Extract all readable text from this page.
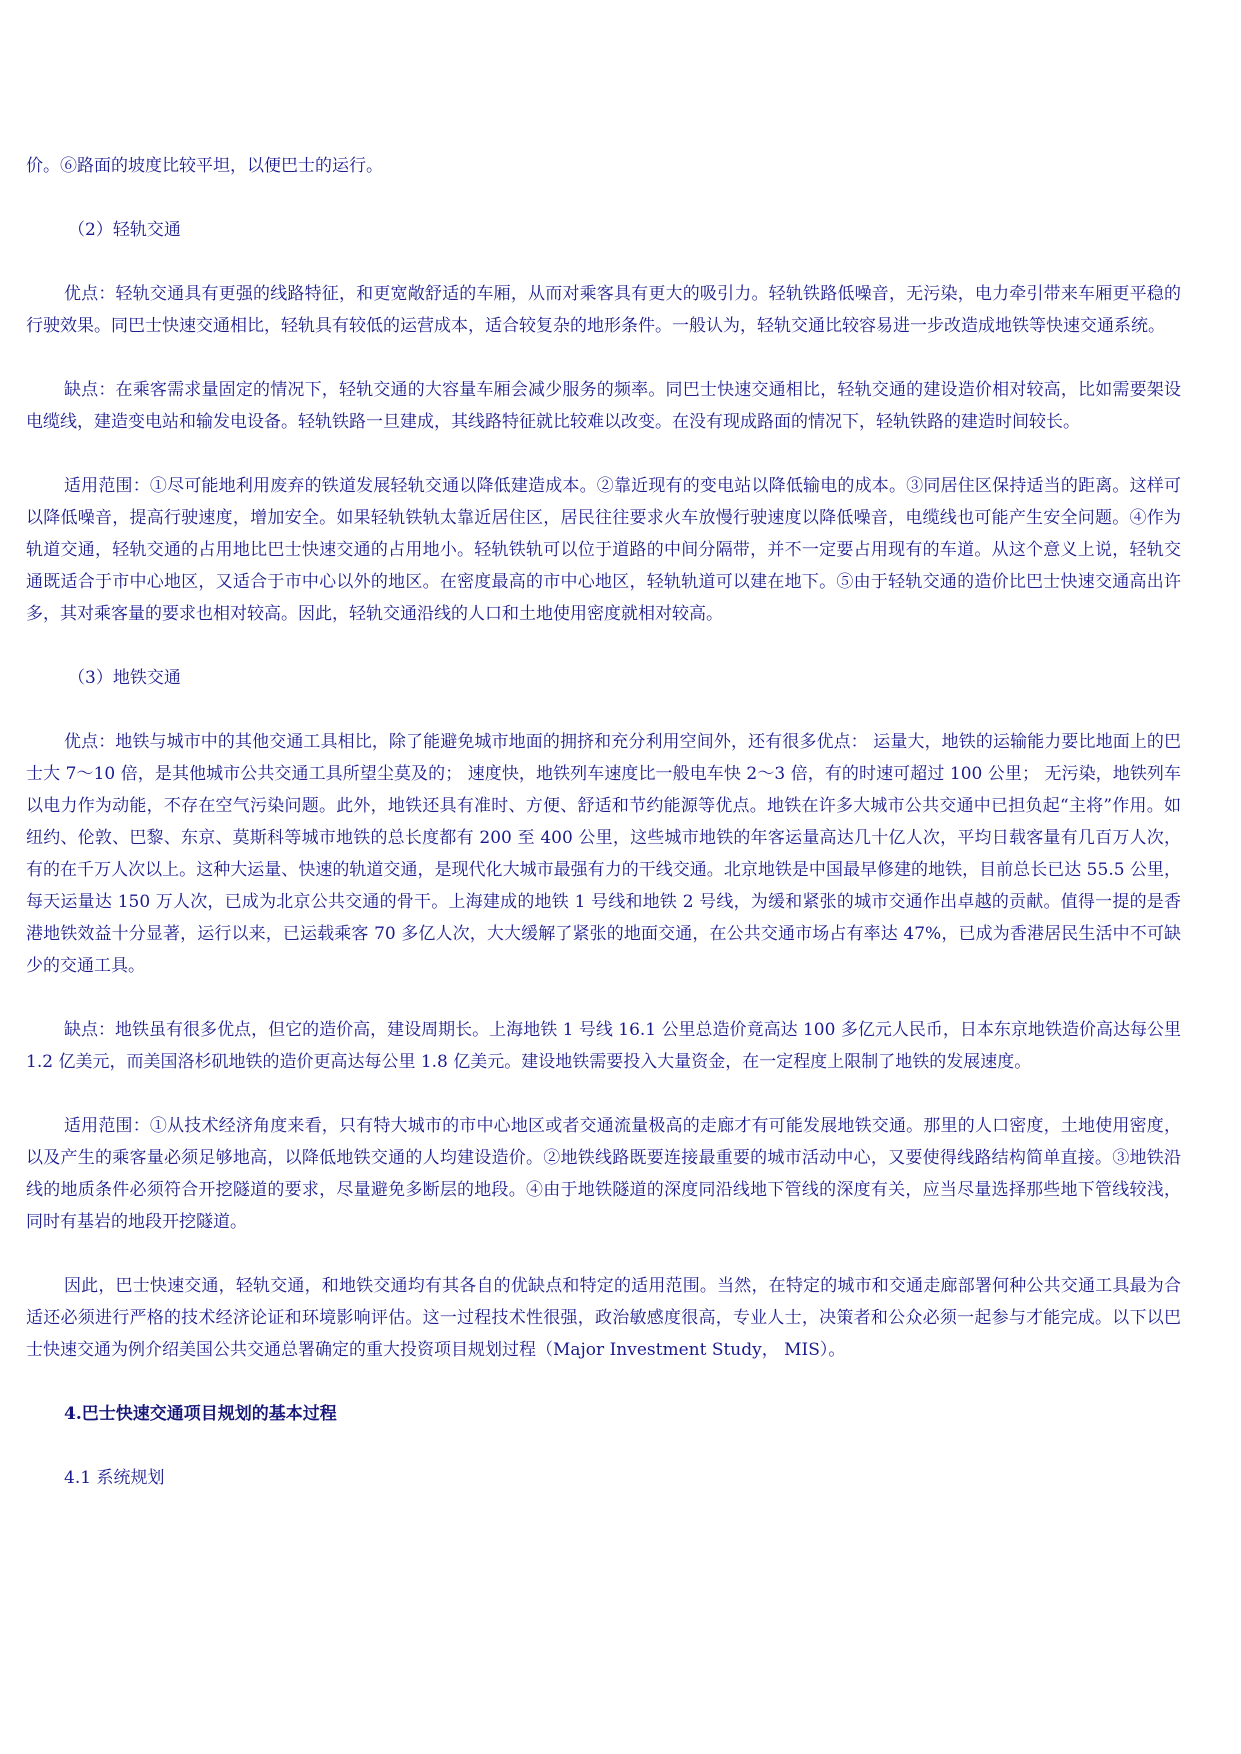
价。⑥路面的坡度比较平坦，以便巴士的运行。

（2）轻轨交通

优点：轻轨交通具有更强的线路特征，和更宽敞舒适的车厢，从而对乘客具有更大的吸引力。轻轨铁路低噪音，无污染，电力牵引带来车厢更平稳的行驶效果。同巴士快速交通相比，轻轨具有较低的运营成本，适合较复杂的地形条件。一般认为，轻轨交通比较容易进一步改造成地铁等快速交通系统。

缺点：在乘客需求量固定的情况下，轻轨交通的大容量车厢会减少服务的频率。同巴士快速交通相比，轻轨交通的建设造价相对较高，比如需要架设电缆线，建造变电站和输发电设备。轻轨铁路一旦建成，其线路特征就比较难以改变。在没有现成路面的情况下，轻轨铁路的建造时间较长。

适用范围：①尽可能地利用废弃的铁道发展轻轨交通以降低建造成本。②靠近现有的变电站以降低输电的成本。③同居住区保持适当的距离。这样可以降低噪音，提高行驶速度，增加安全。如果轻轨铁轨太靠近居住区，居民往往要求火车放慢行驶速度以降低噪音，电缆线也可能产生安全问题。④作为轨道交通，轻轨交通的占用地比巴士快速交通的占用地小。轻轨铁轨可以位于道路的中间分隔带，并不一定要占用现有的车道。从这个意义上说，轻轨交通既适合于市中心地区，又适合于市中心以外的地区。在密度最高的市中心地区，轻轨轨道可以建在地下。⑤由于轻轨交通的造价比巴士快速交通高出许多，其对乘客量的要求也相对较高。因此，轻轨交通沿线的人口和土地使用密度就相对较高。

（3）地铁交通

优点：地铁与城市中的其他交通工具相比，除了能避免城市地面的拥挤和充分利用空间外，还有很多优点： 运量大，地铁的运输能力要比地面上的巴士大 7～10 倍，是其他城市公共交通工具所望尘莫及的； 速度快，地铁列车速度比一般电车快 2～3 倍，有的时速可超过 100 公里； 无污染，地铁列车以电力作为动能，不存在空气污染问题。此外，地铁还具有准时、方便、舒适和节约能源等优点。地铁在许多大城市公共交通中已担负起“主将”作用。如纽约、伦敦、巴黎、东京、莫斯科等城市地铁的总长度都有 200 至 400 公里，这些城市地铁的年客运量高达几十亿人次，平均日载客量有几百万人次，有的在千万人次以上。这种大运量、快速的轨道交通，是现代化大城市最强有力的干线交通。北京地铁是中国最早修建的地铁，目前总长已达 55.5 公里，每天运量达 150 万人次，已成为北京公共交通的骨干。上海建成的地铁 1 号线和地铁 2 号线，为缓和紧张的城市交通作出卓越的贡献。值得一提的是香港地铁效益十分显著，运行以来，已运载乘客 70 多亿人次，大大缓解了紧张的地面交通，在公共交通市场占有率达 47%，已成为香港居民生活中不可缺少的交通工具。

缺点：地铁虽有很多优点，但它的造价高，建设周期长。上海地铁 1 号线 16.1 公里总造价竟高达 100 多亿元人民币，日本东京地铁造价高达每公里 1.2 亿美元，而美国洛杉矶地铁的造价更高达每公里 1.8 亿美元。建设地铁需要投入大量资金，在一定程度上限制了地铁的发展速度。

适用范围：①从技术经济角度来看，只有特大城市的市中心地区或者交通流量极高的走廊才有可能发展地铁交通。那里的人口密度，土地使用密度，以及产生的乘客量必须足够地高，以降低地铁交通的人均建设造价。②地铁线路既要连接最重要的城市活动中心，又要使得线路结构简单直接。③地铁沿线的地质条件必须符合开挖隧道的要求，尽量避免多断层的地段。④由于地铁隧道的深度同沿线地下管线的深度有关，应当尽量选择那些地下管线较浅，同时有基岩的地段开挖隧道。

因此，巴士快速交通，轻轨交通，和地铁交通均有其各自的优缺点和特定的适用范围。当然，在特定的城市和交通走廊部署何种公共交通工具最为合适还必须进行严格的技术经济论证和环境影响评估。这一过程技术性很强，政治敏感度很高，专业人士，决策者和公众必须一起参与才能完成。以下以巴士快速交通为例介绍美国公共交通总署确定的重大投资项目规划过程（Major Investment Study， MIS）。

4.巴士快速交通项目规划的基本过程

4.1 系统规划
